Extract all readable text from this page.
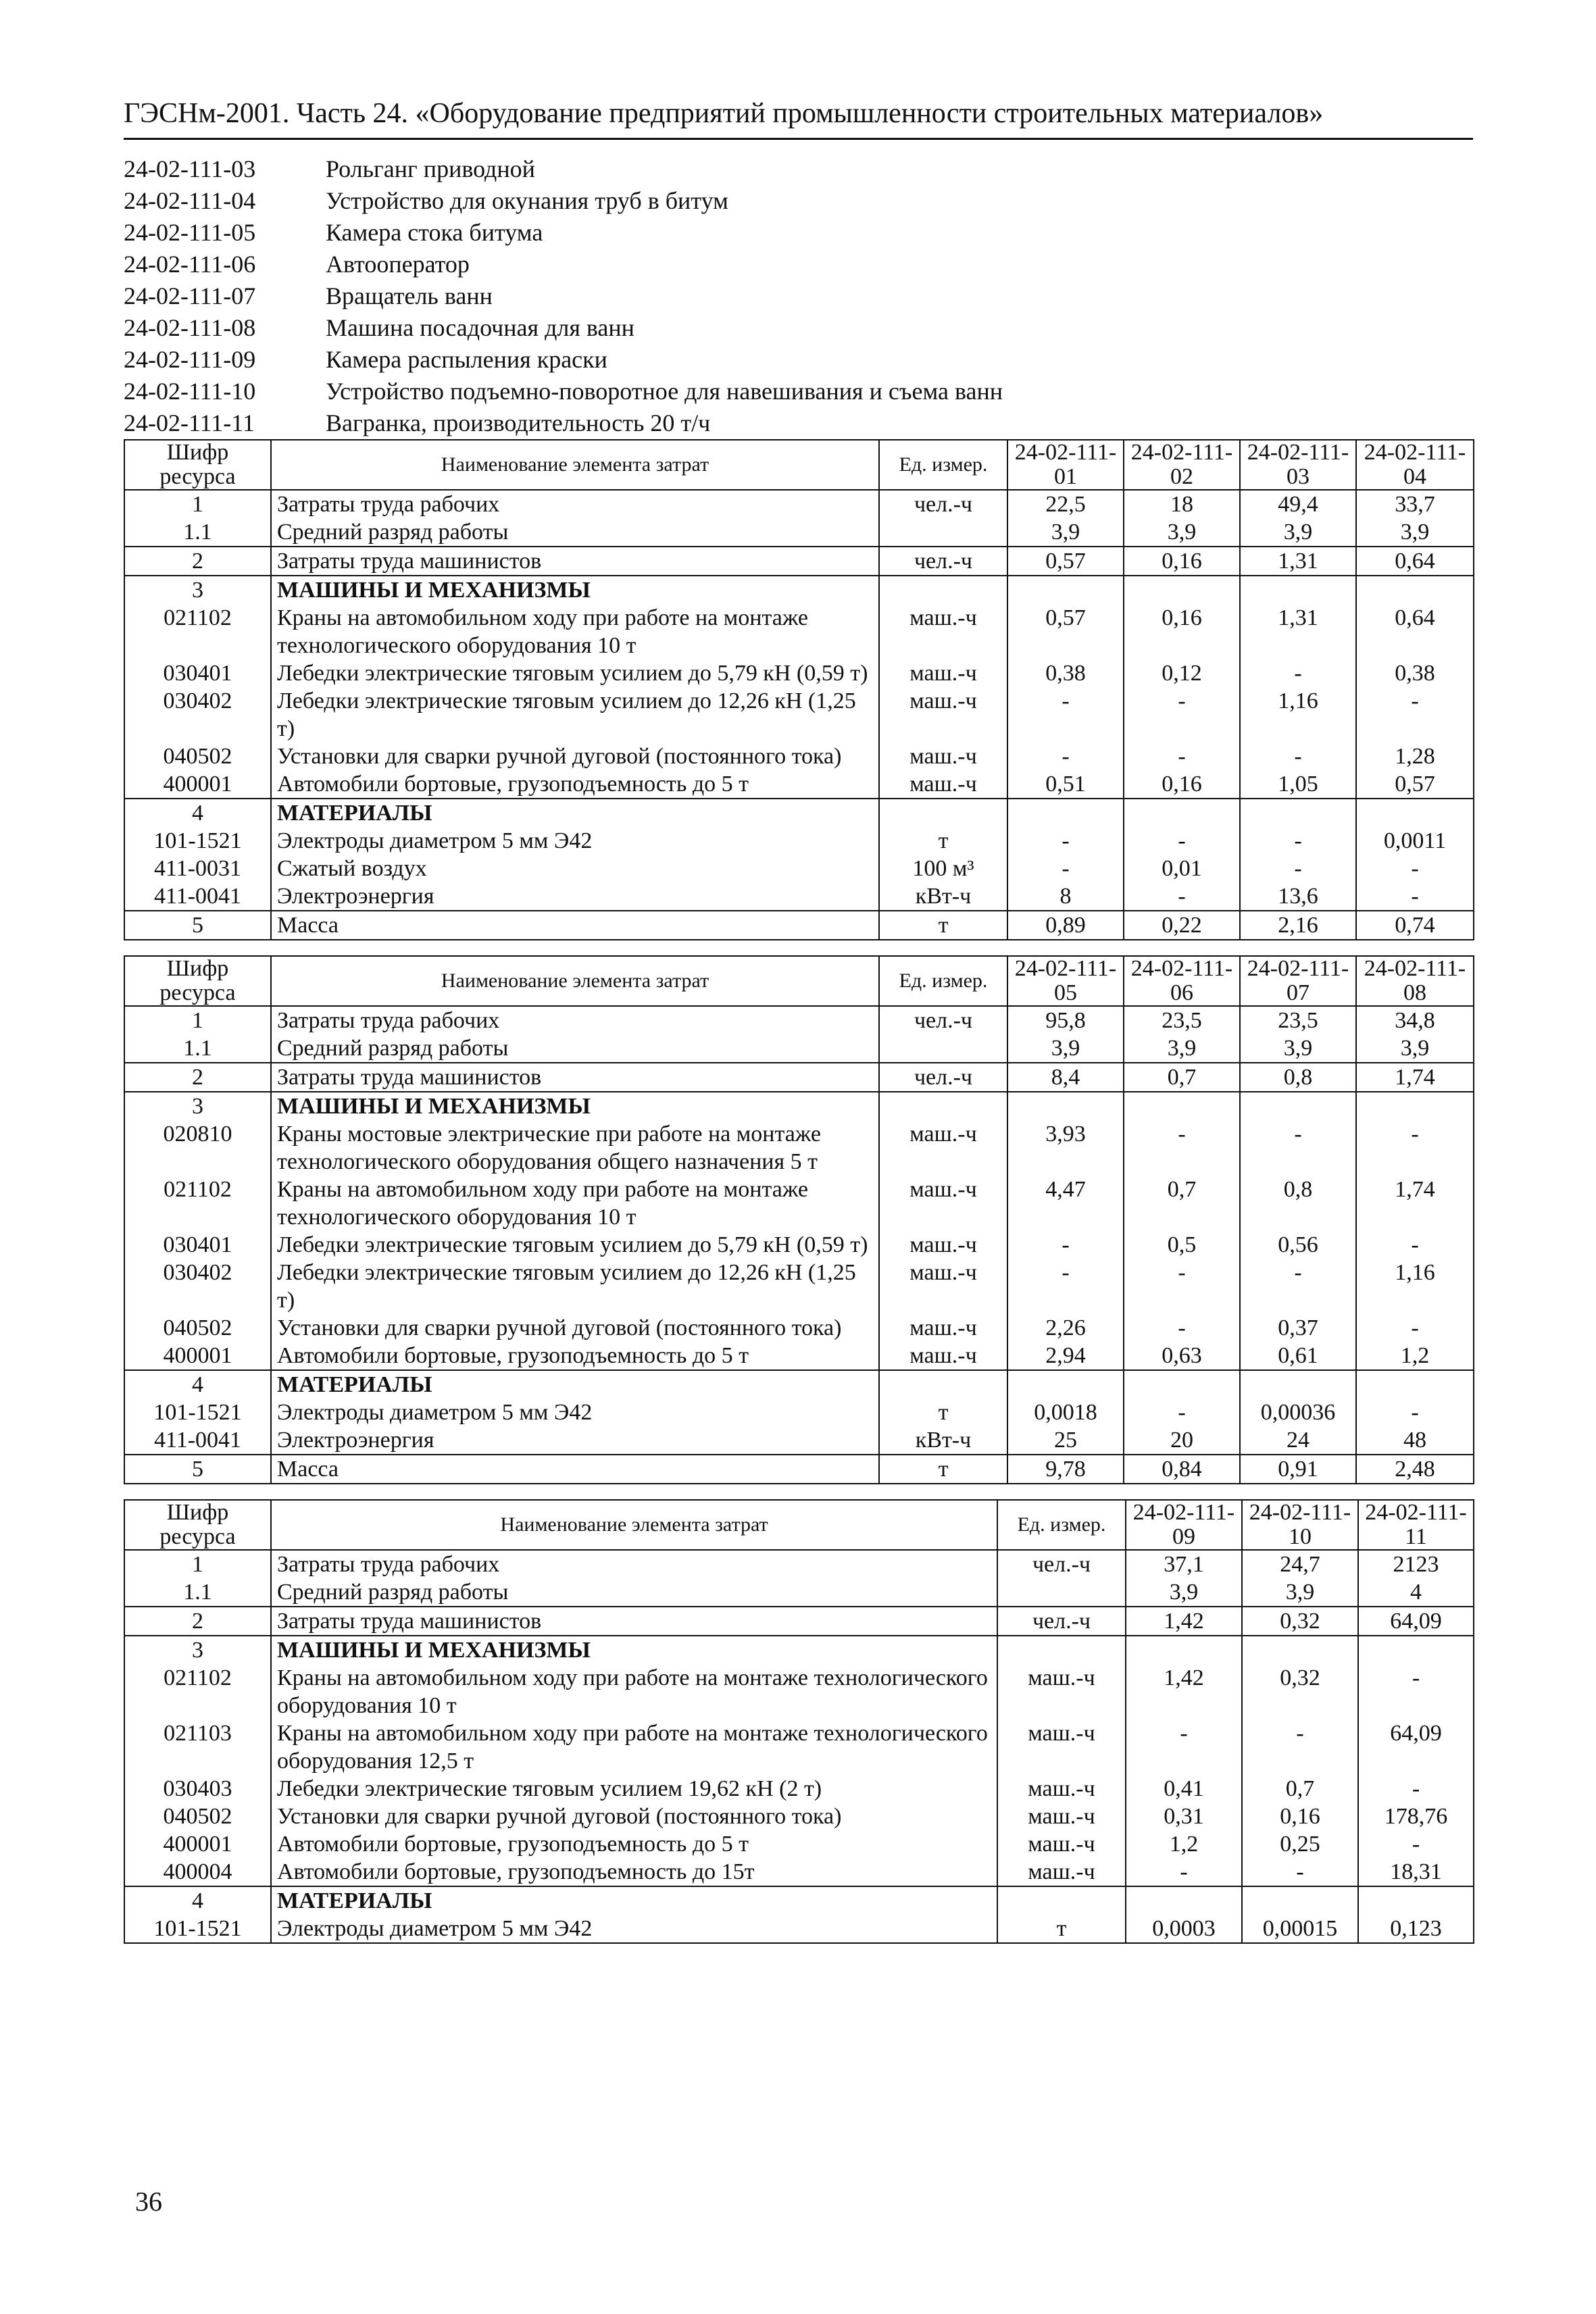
ГЭСНм-2001. Часть 24. «Оборудование предприятий промышленности строительных материалов»
24-02-111-03	Рольганг приводной
24-02-111-04	Устройство для окунания труб в битум
24-02-111-05	Камера стока битума
24-02-111-06	Автооператор
24-02-111-07	Вращатель ванн
24-02-111-08	Машина посадочная для ванн
24-02-111-09	Камера распыления краски
24-02-111-10	Устройство подъемно-поворотное для навешивания и съема ванн
24-02-111-11	Вагранка, производительность 20 т/ч
Шифр ресурса	Наименование элемента затрат	Ед. измер.	24-02-111-01	24-02-111-02	24-02-111-03	24-02-111-04
1	Затраты труда рабочих	чел.-ч	22,5	18	49,4	33,7
1.1	Средний разряд работы		3,9	3,9	3,9	3,9
2	Затраты труда машинистов	чел.-ч	0,57	0,16	1,31	0,64
3	МАШИНЫ И МЕХАНИЗМЫ					
021102	Краны на автомобильном ходу при работе на монтаже технологического оборудования 10 т	маш.-ч	0,57	0,16	1,31	0,64
030401	Лебедки электрические тяговым усилием до 5,79 кН (0,59 т)	маш.-ч	0,38	0,12	-	0,38
030402	Лебедки электрические тяговым усилием до 12,26 кН (1,25 т)	маш.-ч	-	-	1,16	-
040502	Установки для сварки ручной дуговой (постоянного тока)	маш.-ч	-	-	-	1,28
400001	Автомобили бортовые, грузоподъемность до 5 т	маш.-ч	0,51	0,16	1,05	0,57
4	МАТЕРИАЛЫ					
101-1521	Электроды диаметром 5 мм Э42	т	-	-	-	0,0011
411-0031	Сжатый воздух	100 м³	-	0,01	-	-
411-0041	Электроэнергия	кВт-ч	8	-	13,6	-
5	Масса	т	0,89	0,22	2,16	0,74
Шифр ресурса	Наименование элемента затрат	Ед. измер.	24-02-111-05	24-02-111-06	24-02-111-07	24-02-111-08
1	Затраты труда рабочих	чел.-ч	95,8	23,5	23,5	34,8
1.1	Средний разряд работы		3,9	3,9	3,9	3,9
2	Затраты труда машинистов	чел.-ч	8,4	0,7	0,8	1,74
3	МАШИНЫ И МЕХАНИЗМЫ					
020810	Краны мостовые электрические при работе на монтаже технологического оборудования общего назначения 5 т	маш.-ч	3,93	-	-	-
021102	Краны на автомобильном ходу при работе на монтаже технологического оборудования 10 т	маш.-ч	4,47	0,7	0,8	1,74
030401	Лебедки электрические тяговым усилием до 5,79 кН (0,59 т)	маш.-ч	-	0,5	0,56	-
030402	Лебедки электрические тяговым усилием до 12,26 кН (1,25 т)	маш.-ч	-	-	-	1,16
040502	Установки для сварки ручной дуговой (постоянного тока)	маш.-ч	2,26	-	0,37	-
400001	Автомобили бортовые, грузоподъемность до 5 т	маш.-ч	2,94	0,63	0,61	1,2
4	МАТЕРИАЛЫ					
101-1521	Электроды диаметром 5 мм Э42	т	0,0018	-	0,00036	-
411-0041	Электроэнергия	кВт-ч	25	20	24	48
5	Масса	т	9,78	0,84	0,91	2,48
Шифр ресурса	Наименование элемента затрат	Ед. измер.	24-02-111-09	24-02-111-10	24-02-111-11
1	Затраты труда рабочих	чел.-ч	37,1	24,7	2123
1.1	Средний разряд работы		3,9	3,9	4
2	Затраты труда машинистов	чел.-ч	1,42	0,32	64,09
3	МАШИНЫ И МЕХАНИЗМЫ				
021102	Краны на автомобильном ходу при работе на монтаже технологического оборудования 10 т	маш.-ч	1,42	0,32	-
021103	Краны на автомобильном ходу при работе на монтаже технологического оборудования 12,5 т	маш.-ч	-	-	64,09
030403	Лебедки электрические тяговым усилием 19,62 кН (2 т)	маш.-ч	0,41	0,7	-
040502	Установки для сварки ручной дуговой (постоянного тока)	маш.-ч	0,31	0,16	178,76
400001	Автомобили бортовые, грузоподъемность до 5 т	маш.-ч	1,2	0,25	-
400004	Автомобили бортовые, грузоподъемность до 15т	маш.-ч	-	-	18,31
4	МАТЕРИАЛЫ				
101-1521	Электроды диаметром 5 мм Э42	т	0,0003	0,00015	0,123
36
